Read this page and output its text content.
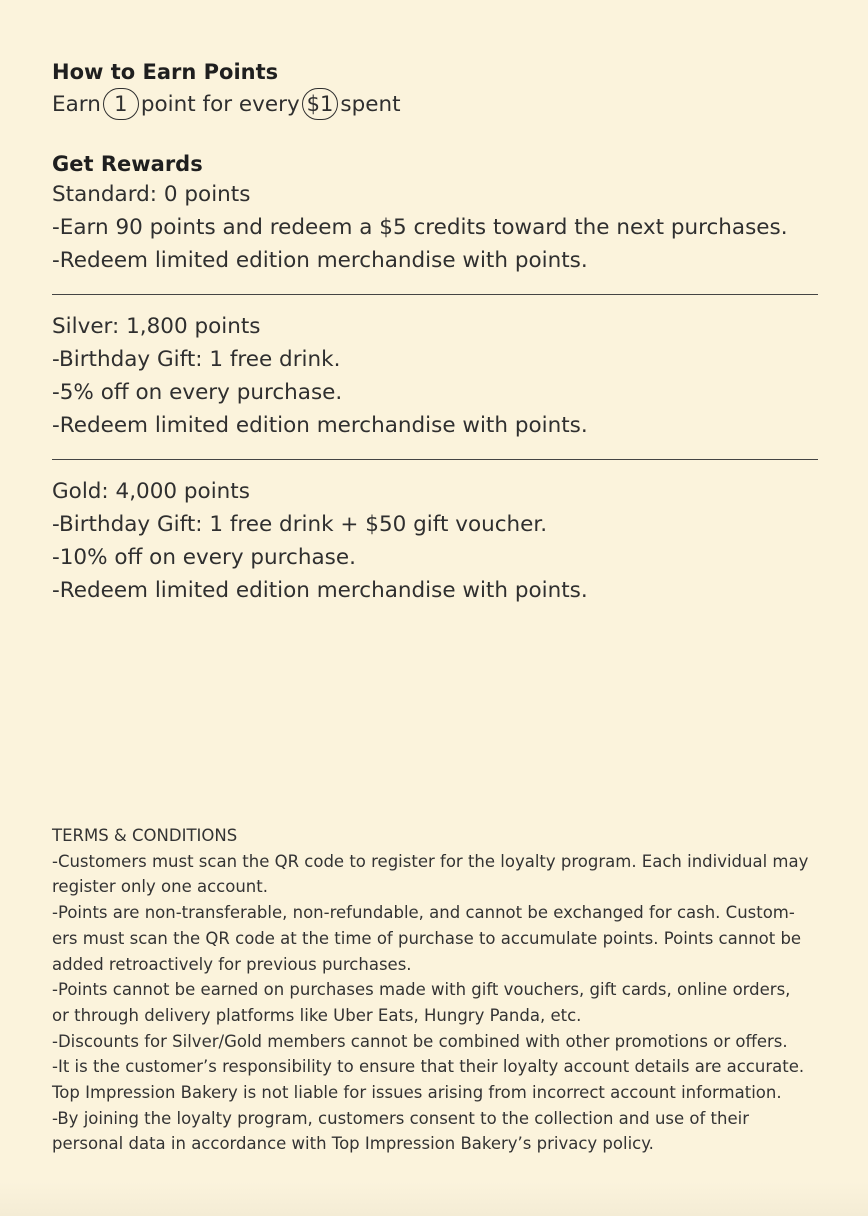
How to Earn Points
Earn 1 point for every $1 spent
Get Rewards

Standard: 0 points

-Earn 90 points and redeem a $5 credits toward the next purchases.

-Redeem limited edition merchandise with points.

Silver: 1,800 points

-Birthday Gift: 1 free drink.

-5% off on every purchase.

-Redeem limited edition merchandise with points.

Gold: 4,000 points

-Birthday Gift: 1 free drink + $50 gift voucher.

-10% off on every purchase.

-Redeem limited edition merchandise with points.

TERMS & CONDITIONS

-Customers must scan the QR code to register for the loyalty program. Each individual may

register only one account.

-Points are non-transferable, non-refundable, and cannot be exchanged for cash. Custom-

ers must scan the QR code at the time of purchase to accumulate points. Points cannot be

added retroactively for previous purchases.

-Points cannot be earned on purchases made with gift vouchers, gift cards, online orders,

or through delivery platforms like Uber Eats, Hungry Panda, etc.

-Discounts for Silver/Gold members cannot be combined with other promotions or offers.

-It is the customer’s responsibility to ensure that their loyalty account details are accurate.

Top Impression Bakery is not liable for issues arising from incorrect account information.

-By joining the loyalty program, customers consent to the collection and use of their

personal data in accordance with Top Impression Bakery’s privacy policy.
